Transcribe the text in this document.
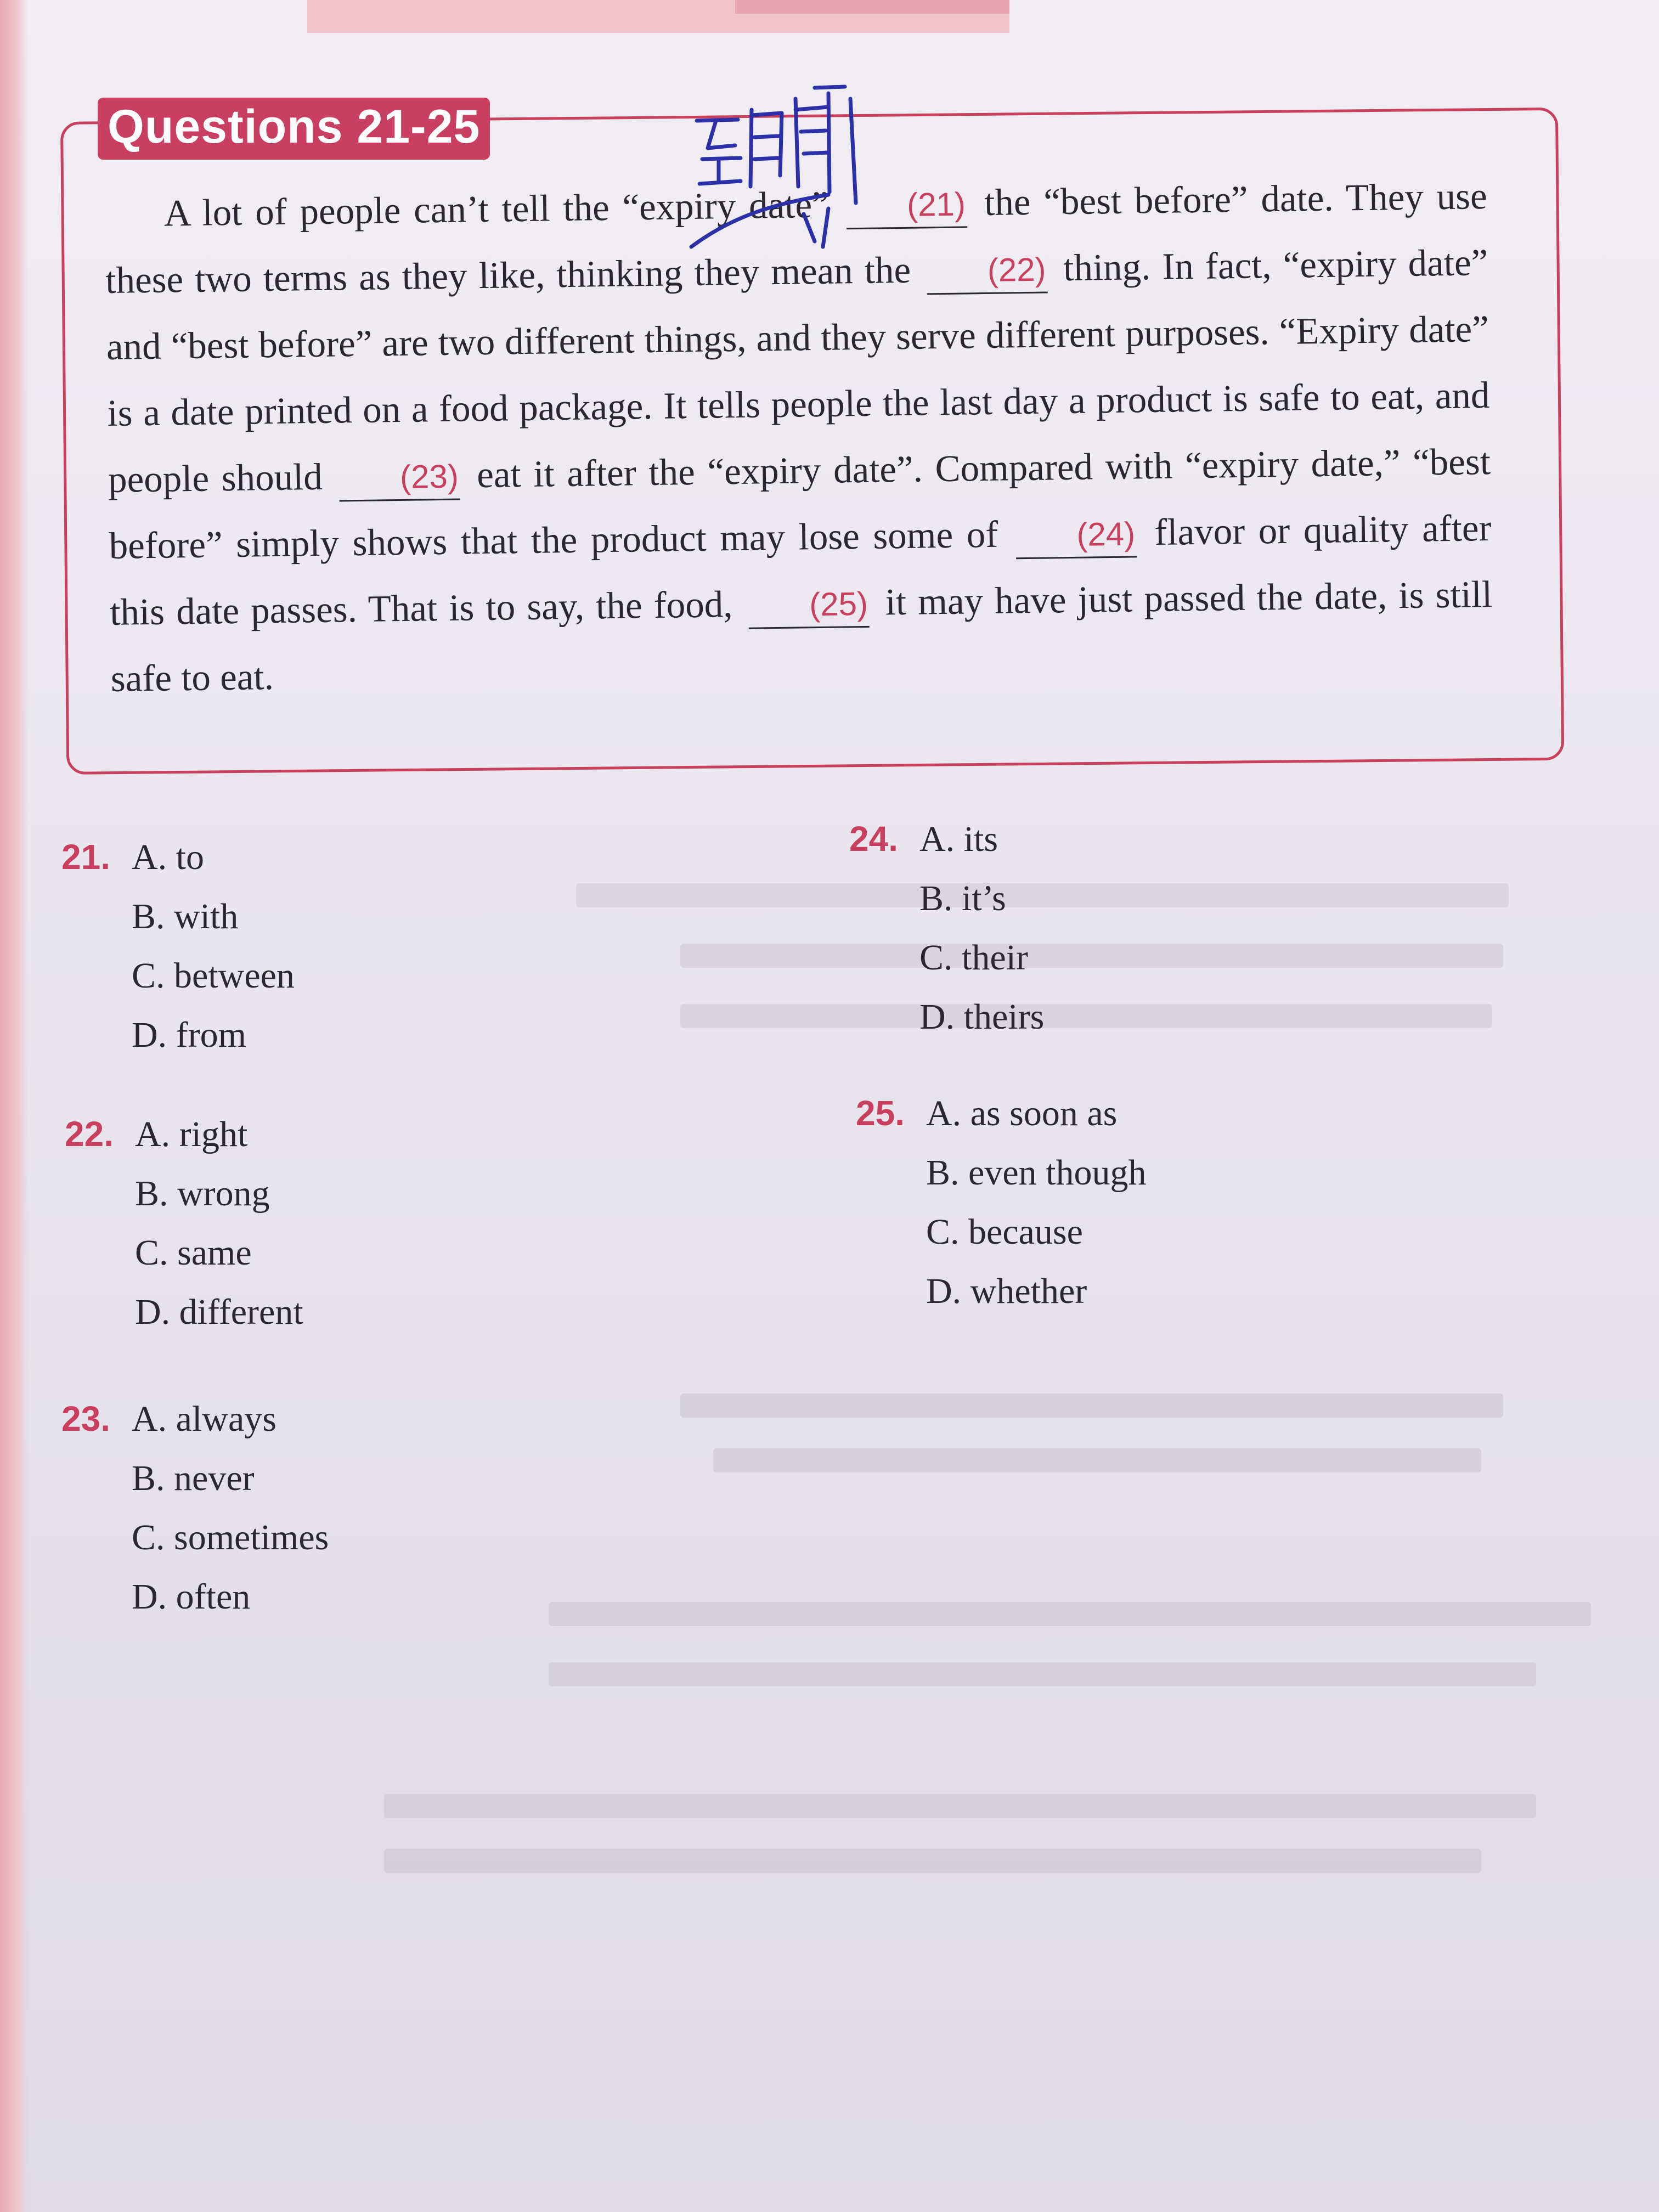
Questions 21-25

A lot of people can’t tell the “expiry date” (21) the “best before” date. They use these two terms as they like, thinking they mean the (22) thing. In fact, “expiry date” and “best before” are two different things, and they serve different purposes. “Expiry date” is a date printed on a food package. It tells people the last day a product is safe to eat, and people should (23) eat it after the “expiry date”. Compared with “expiry date,” “best before” simply shows that the product may lose some of (24) flavor or quality after this date passes. That is to say, the food, (25) it may have just passed the date, is still safe to eat.

21. A. to
B. with
C. between
D. from
22. A. right
B. wrong
C. same
D. different
23. A. always
B. never
C. sometimes
D. often
24. A. its
B. it’s
C. their
D. theirs
25. A. as soon as
B. even though
C. because
D. whether
